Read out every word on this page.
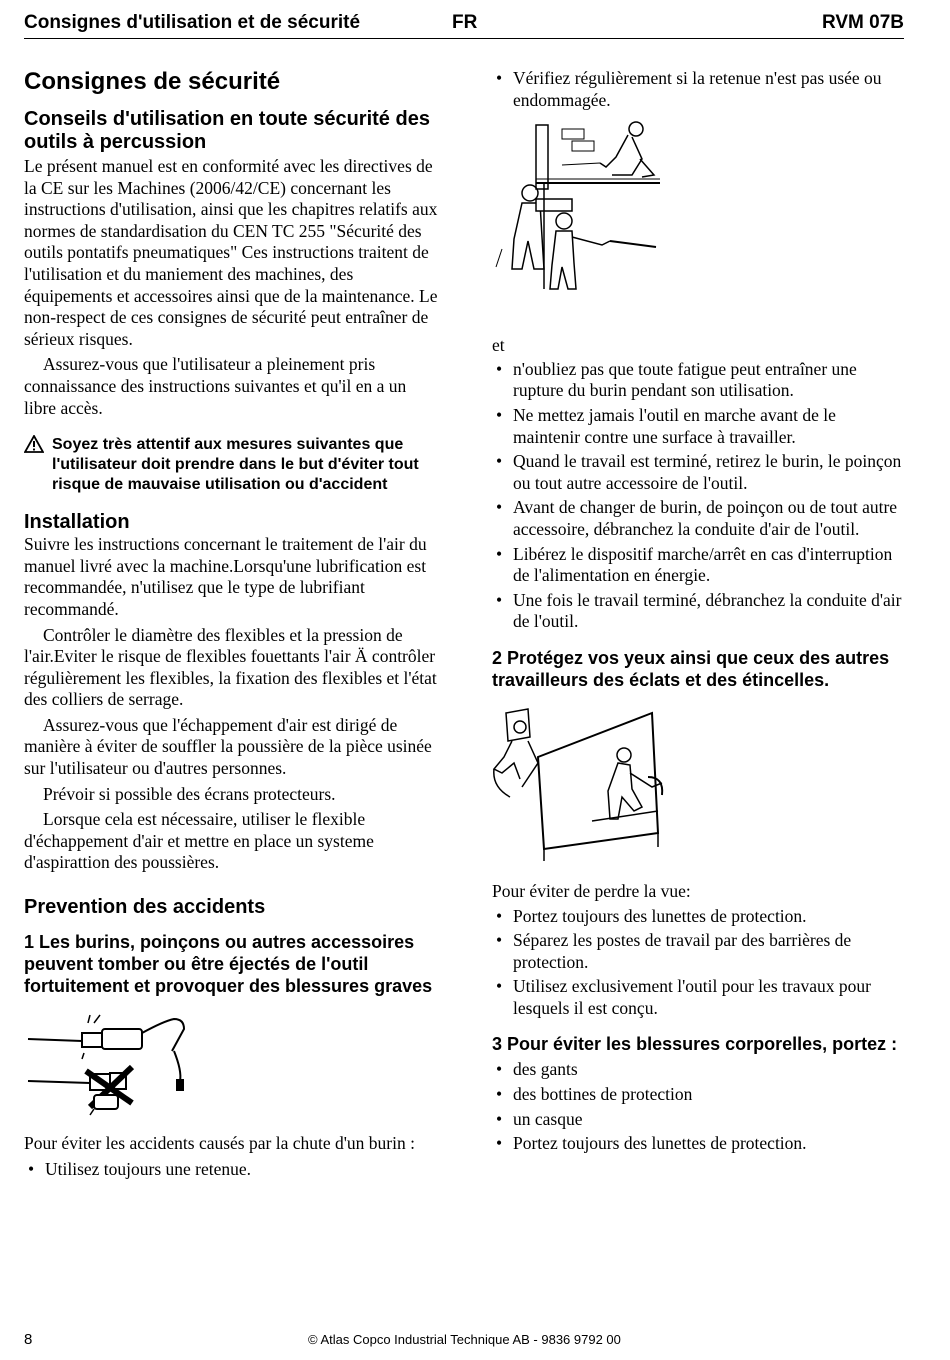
Consignes d'utilisation et de sécurité	FR	RVM 07B
Consignes de sécurité
Conseils d'utilisation en toute sécurité des outils à percussion

Le présent manuel est en conformité avec les directives de la CE sur les Machines (2006/42/CE) concernant les instructions d'utilisation, ainsi que les chapitres relatifs aux normes de standardisation du CEN TC 255 "Sécurité des outils pontatifs pneumatiques" Ces instructions traitent de l'utilisation et du maniement des machines, des équipements et accessoires ainsi que de la maintenance. Le non-respect de ces consignes de sécurité peut entraîner de sérieux risques.

Assurez-vous que l'utilisateur a pleinement pris connaissance des instructions suivantes et qu'il en a un libre accès.

Soyez très attentif aux mesures suivantes que l'utilisateur doit prendre dans le but d'éviter tout risque de mauvaise utilisation ou d'accident
Installation

Suivre les instructions concernant le traitement de l'air du manuel livré avec la machine.Lorsqu'une lubrification est recommandée, n'utilisez que le type de lubrifiant recommandé.

Contrôler le diamètre des flexibles et la pression de l'air.Eviter le risque de flexibles fouettants l'air Ä contrôler régulièrement les flexibles, la fixation des flexibles et l'état des colliers de serrage.

Assurez-vous que l'échappement d'air est dirigé de manière à éviter de souffler la poussière de la pièce usinée sur l'utilisateur ou d'autres personnes.

Prévoir si possible des écrans protecteurs.

Lorsque cela est nécessaire, utiliser le flexible d'échappement d'air et mettre en place un systeme d'aspirattion des poussières.

Prevention des accidents
1 Les burins, poinçons ou autres accessoires peuvent tomber ou être éjectés de l'outil fortuitement et provoquer des blessures graves

Pour éviter les accidents causés par la chute d'un burin :

• Utilisez toujours une retenue.
• Vérifiez régulièrement si la retenue n'est pas usée ou endommagée.

et

• n'oubliez pas que toute fatigue peut entraîner une rupture du burin pendant son utilisation.
• Ne mettez jamais l'outil en marche avant de le maintenir contre une surface à travailler.
• Quand le travail est terminé, retirez le burin, le poinçon ou tout autre accessoire de l'outil.
• Avant de changer de burin, de poinçon ou de tout autre accessoire, débranchez la conduite d'air de l'outil.
• Libérez le dispositif marche/arrêt en cas d'interruption de l'alimentation en énergie.
• Une fois le travail terminé, débranchez la conduite d'air de l'outil.
2 Protégez vos yeux ainsi que ceux des autres travailleurs des éclats et des étincelles.

Pour éviter de perdre la vue:

• Portez toujours des lunettes de protection.
• Séparez les postes de travail par des barrières de protection.
• Utilisez exclusivement l'outil pour les travaux pour lesquels il est conçu.
3 Pour éviter les blessures corporelles, portez :
• des gants
• des bottines de protection
• un casque
• Portez toujours des lunettes de protection.
8	© Atlas Copco Industrial Technique AB - 9836 9792 00
